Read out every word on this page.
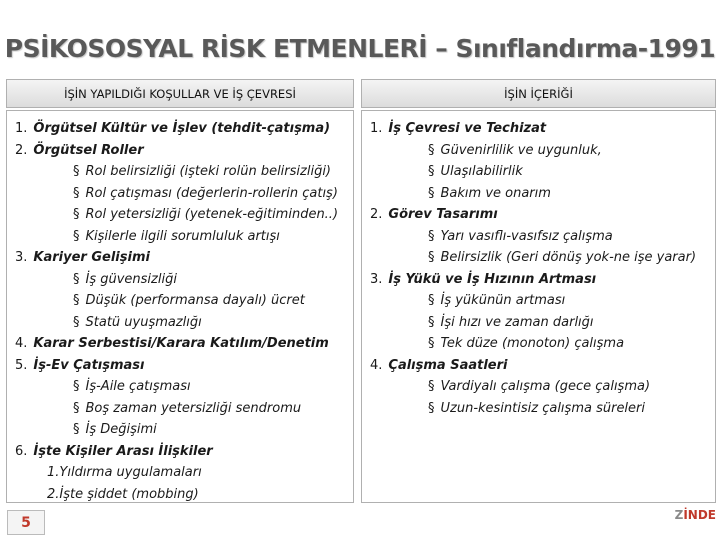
PSİKOSOSYAL RİSK ETMENLERİ – Sınıflandırma-1991
İŞİN YAPILDIĞI KOŞULLAR VE İŞ ÇEVRESİ	İŞİN İÇERİĞİ
1. Örgütsel Kültür ve İşlev (tehdit-çatışma)
2. Örgütsel Roller
§ Rol belirsizliği (işteki rolün belirsizliği)
§ Rol çatışması (değerlerin-rollerin çatış)
§ Rol yetersizliği (yetenek-eğitiminden..)
§ Kişilerle ilgili sorumluluk artışı
3. Kariyer Gelişimi
§ İş güvensizliği
§ Düşük (performansa dayalı) ücret
§ Statü uyuşmazlığı
4. Karar Serbestisi/Karara Katılım/Denetim
5. İş-Ev Çatışması
§ İş-Aile çatışması
§ Boş zaman yetersizliği sendromu
§ İş Değişimi
6. İşte Kişiler Arası İlişkiler
1.Yıldırma uygulamaları
2.İşte şiddet (mobbing)
1. İş Çevresi ve Techizat
§ Güvenirlilik ve uygunluk,
§ Ulaşılabilirlik
§ Bakım ve onarım
2. Görev Tasarımı
§ Yarı vasıflı-vasıfsız çalışma
§ Belirsizlik (Geri dönüş yok-ne işe yarar)
3. İş Yükü ve İş Hızının Artması
§ İş yükünün artması
§ İşi hızı ve zaman darlığı
§ Tek düze (monoton) çalışma
4. Çalışma Saatleri
§ Vardiyalı çalışma (gece çalışma)
§ Uzun-kesintisiz çalışma süreleri
5	ZİNDE
